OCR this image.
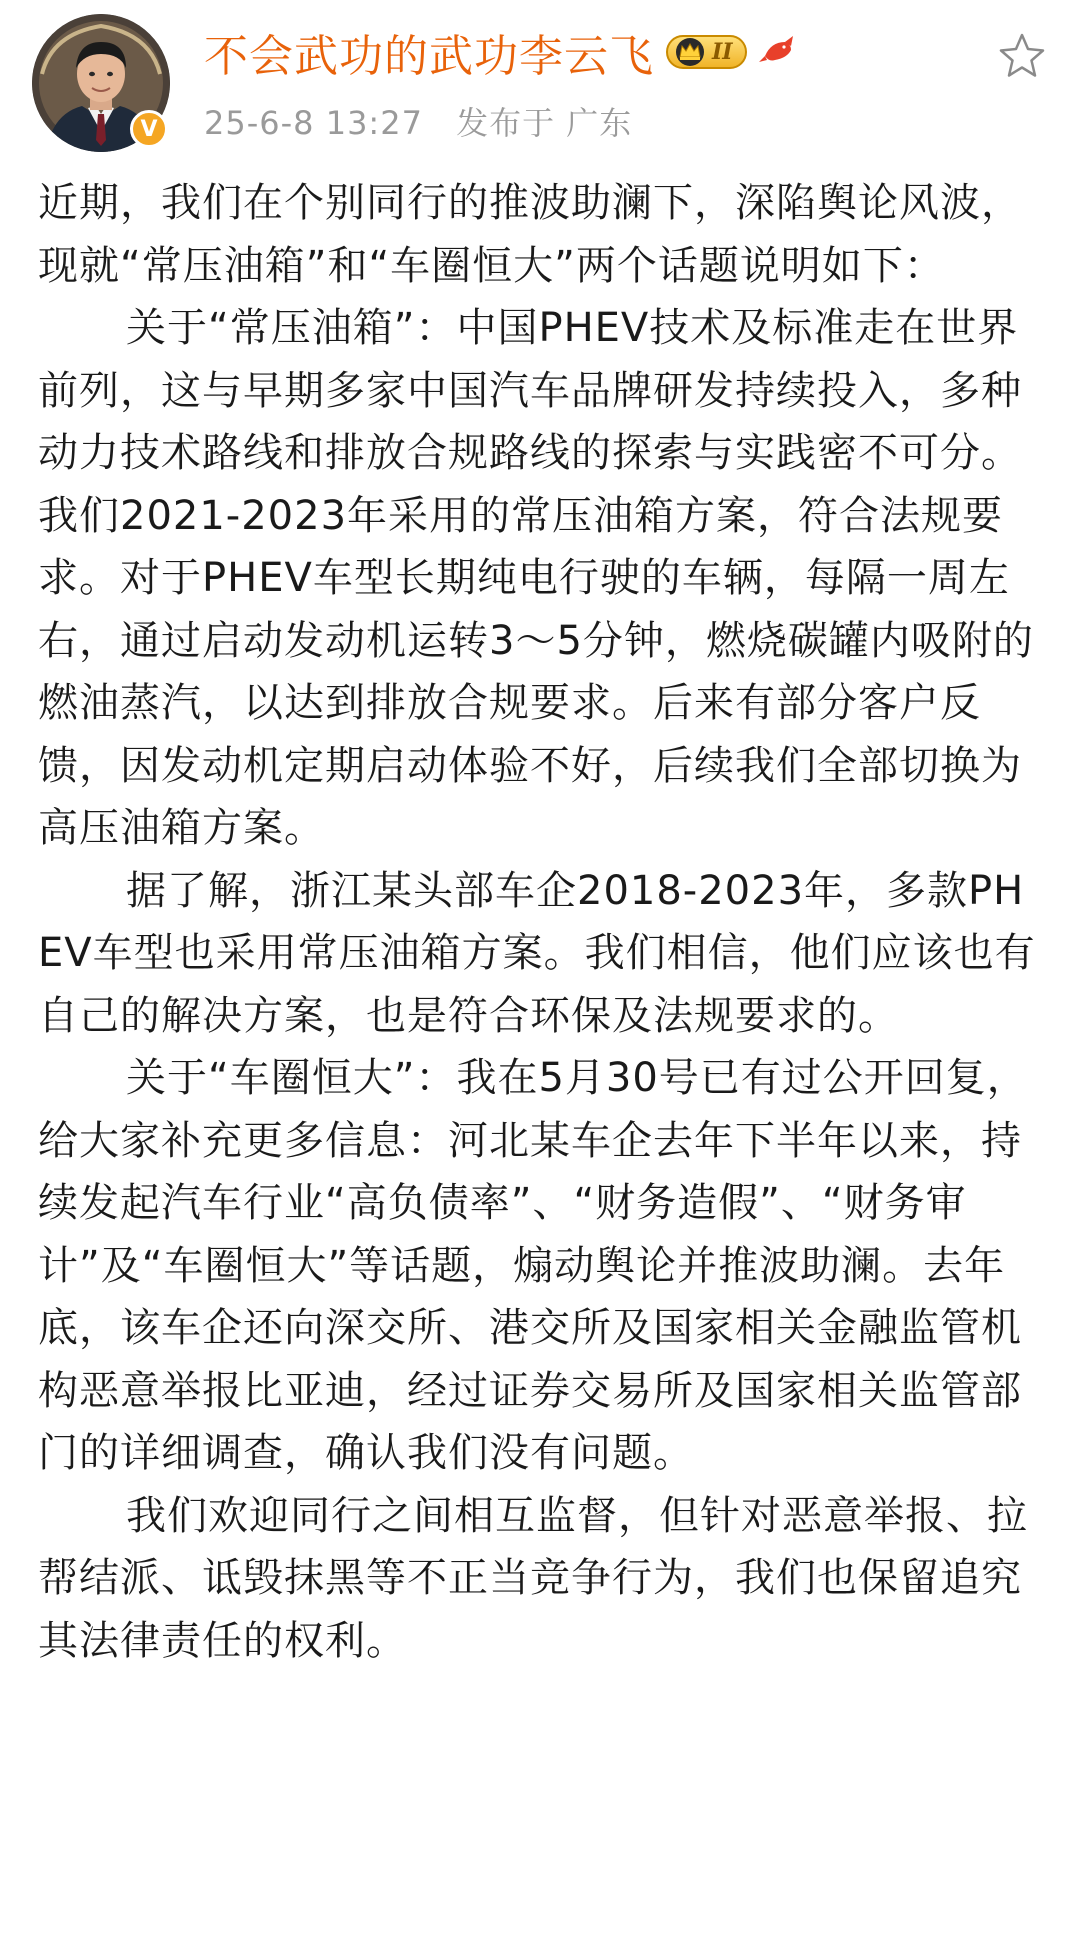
V
不会武功的武功李云飞	II
25-6-8 13:27 发布于 广东

近期，我们在个别同行的推波助澜下，深陷舆论风波，现就“常压油箱”和“车圈恒大”两个话题说明如下：

关于“常压油箱”：中国PHEV技术及标准走在世界前列，这与早期多家中国汽车品牌研发持续投入，多种动力技术路线和排放合规路线的探索与实践密不可分。我们2021-2023年采用的常压油箱方案，符合法规要求。对于PHEV车型长期纯电行驶的车辆，每隔一周左右，通过启动发动机运转3～5分钟，燃烧碳罐内吸附的燃油蒸汽，以达到排放合规要求。后来有部分客户反馈，因发动机定期启动体验不好，后续我们全部切换为高压油箱方案。

据了解，浙江某头部车企2018-2023年，多款PHEV车型也采用常压油箱方案。我们相信，他们应该也有自己的解决方案，也是符合环保及法规要求的。

关于“车圈恒大”：我在5月30号已有过公开回复，给大家补充更多信息：河北某车企去年下半年以来，持续发起汽车行业“高负债率”、“财务造假”、“财务审计”及“车圈恒大”等话题，煽动舆论并推波助澜。去年底，该车企还向深交所、港交所及国家相关金融监管机构恶意举报比亚迪，经过证券交易所及国家相关监管部门的详细调查，确认我们没有问题。

我们欢迎同行之间相互监督，但针对恶意举报、拉帮结派、诋毁抹黑等不正当竞争行为，我们也保留追究其法律责任的权利。
